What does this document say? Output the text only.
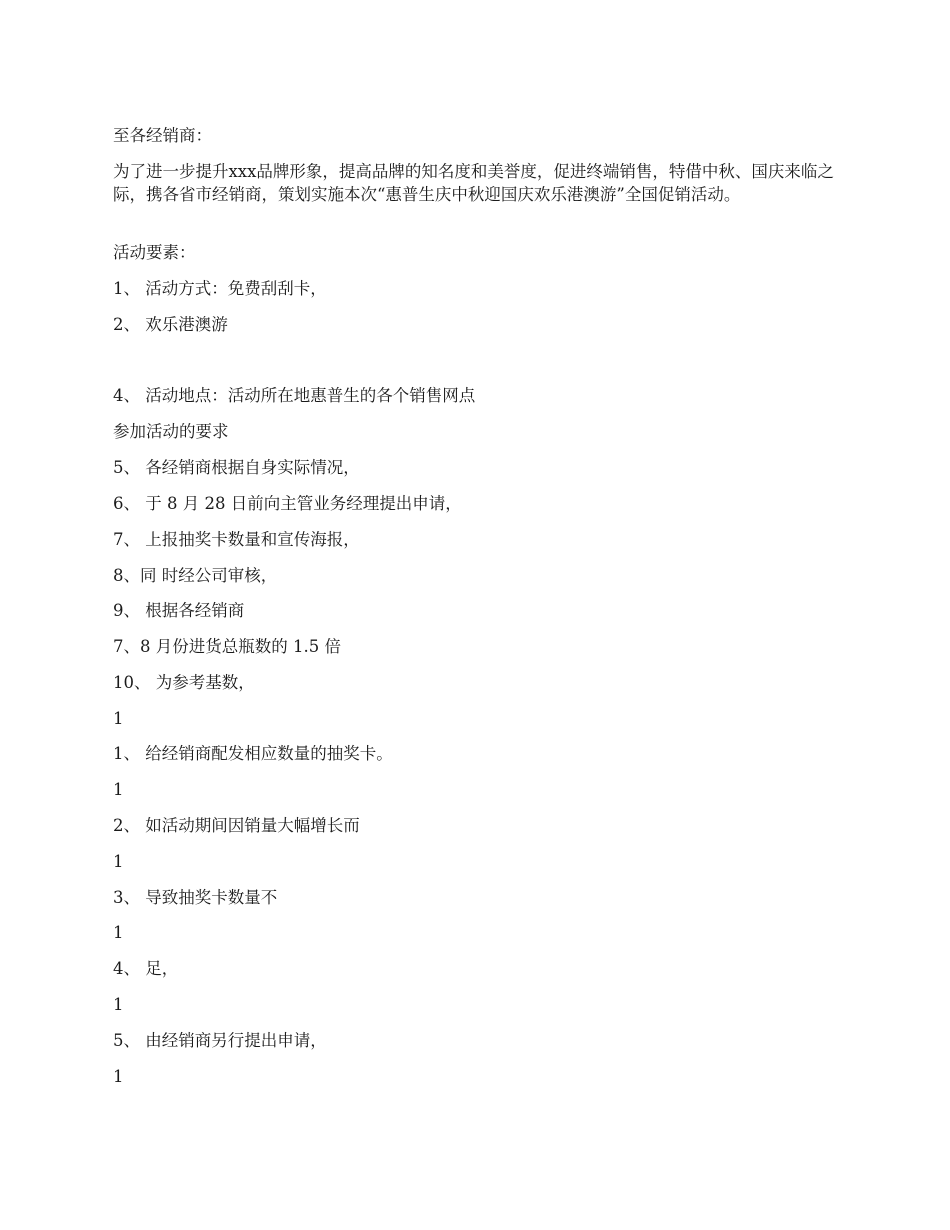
至各经销商：
为了进一步提升xxx品牌形象，提高品牌的知名度和美誉度，促进终端销售，特借中秋、国庆来临之际，携各省市经销商，策划实施本次“惠普生庆中秋迎国庆欢乐港澳游”全国促销活动。
活动要素：
1、 活动方式：免费刮刮卡，
2、 欢乐港澳游
4、 活动地点：活动所在地惠普生的各个销售网点
参加活动的要求
5、 各经销商根据自身实际情况，
6、 于 8 月 28 日前向主管业务经理提出申请，
7、 上报抽奖卡数量和宣传海报，
8、同 时经公司审核，
9、 根据各经销商
7、8 月份进货总瓶数的 1.5 倍
10、 为参考基数，
1
1、 给经销商配发相应数量的抽奖卡。
1
2、 如活动期间因销量大幅增长而
1
3、 导致抽奖卡数量不
1
4、 足，
1
5、 由经销商另行提出申请，
1
